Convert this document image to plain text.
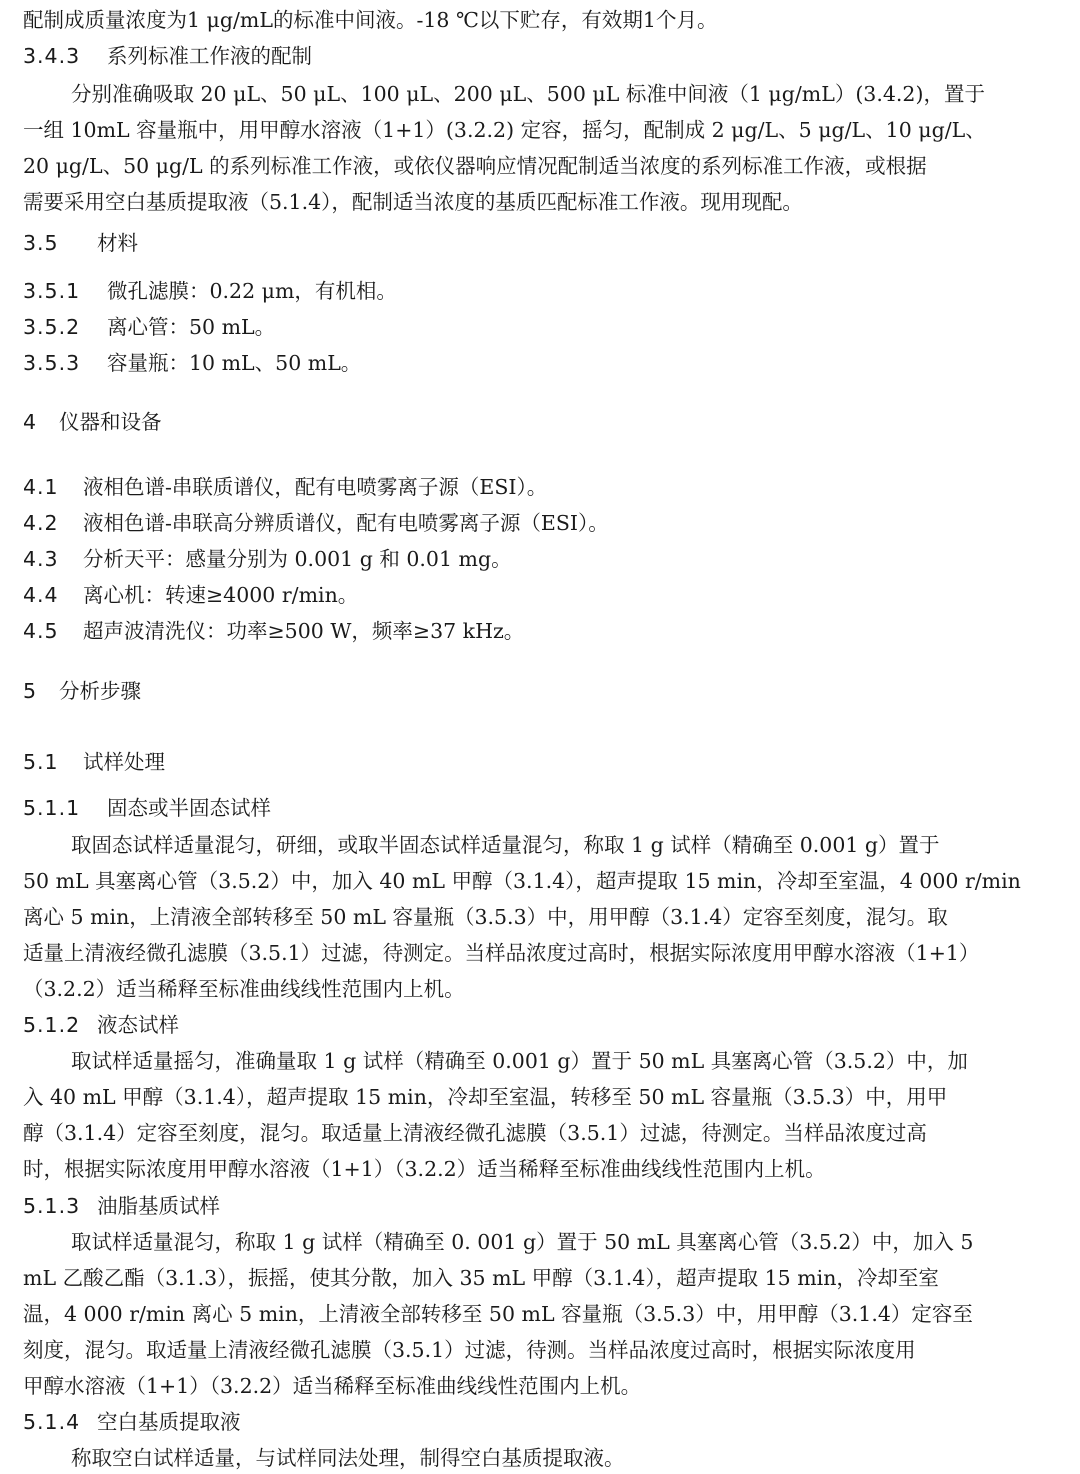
配制成质量浓度为1 μg/mL的标准中间液。-18 ℃以下贮存，有效期1个月。
3.4.3 系列标准工作液的配制
分别准确吸取 20 μL、50 μL、100 μL、200 μL、500 μL 标准中间液（1 μg/mL）(3.4.2)，置于
一组 10mL 容量瓶中，用甲醇水溶液（1+1）(3.2.2) 定容，摇匀，配制成 2 μg/L、5 μg/L、10 μg/L、
20 μg/L、50 μg/L 的系列标准工作液，或依仪器响应情况配制适当浓度的系列标准工作液，或根据
需要采用空白基质提取液（5.1.4），配制适当浓度的基质匹配标准工作液。现用现配。
3.5 材料
3.5.1 微孔滤膜：0.22 μm，有机相。
3.5.2 离心管：50 mL。
3.5.3 容量瓶：10 mL、50 mL。
4 仪器和设备
4.1 液相色谱-串联质谱仪，配有电喷雾离子源（ESI）。
4.2 液相色谱-串联高分辨质谱仪，配有电喷雾离子源（ESI）。
4.3 分析天平：感量分别为 0.001 g 和 0.01 mg。
4.4 离心机：转速≥4000 r/min。
4.5 超声波清洗仪：功率≥500 W，频率≥37 kHz。
5 分析步骤
5.1 试样处理
5.1.1 固态或半固态试样
取固态试样适量混匀，研细，或取半固态试样适量混匀，称取 1 g 试样（精确至 0.001 g）置于
50 mL 具塞离心管（3.5.2）中，加入 40 mL 甲醇（3.1.4），超声提取 15 min，冷却至室温，4 000 r/min
离心 5 min，上清液全部转移至 50 mL 容量瓶（3.5.3）中，用甲醇（3.1.4）定容至刻度，混匀。取
适量上清液经微孔滤膜（3.5.1）过滤，待测定。当样品浓度过高时，根据实际浓度用甲醇水溶液（1+1）
（3.2.2）适当稀释至标准曲线线性范围内上机。
5.1.2 液态试样
取试样适量摇匀，准确量取 1 g 试样（精确至 0.001 g）置于 50 mL 具塞离心管（3.5.2）中，加
入 40 mL 甲醇（3.1.4），超声提取 15 min，冷却至室温，转移至 50 mL 容量瓶（3.5.3）中，用甲
醇（3.1.4）定容至刻度，混匀。取适量上清液经微孔滤膜（3.5.1）过滤，待测定。当样品浓度过高
时，根据实际浓度用甲醇水溶液（1+1）（3.2.2）适当稀释至标准曲线线性范围内上机。
5.1.3 油脂基质试样
取试样适量混匀，称取 1 g 试样（精确至 0. 001 g）置于 50 mL 具塞离心管（3.5.2）中，加入 5
mL 乙酸乙酯（3.1.3），振摇，使其分散，加入 35 mL 甲醇（3.1.4），超声提取 15 min，冷却至室
温，4 000 r/min 离心 5 min，上清液全部转移至 50 mL 容量瓶（3.5.3）中，用甲醇（3.1.4）定容至
刻度，混匀。取适量上清液经微孔滤膜（3.5.1）过滤，待测。当样品浓度过高时，根据实际浓度用
甲醇水溶液（1+1）（3.2.2）适当稀释至标准曲线线性范围内上机。
5.1.4 空白基质提取液
称取空白试样适量，与试样同法处理，制得空白基质提取液。
